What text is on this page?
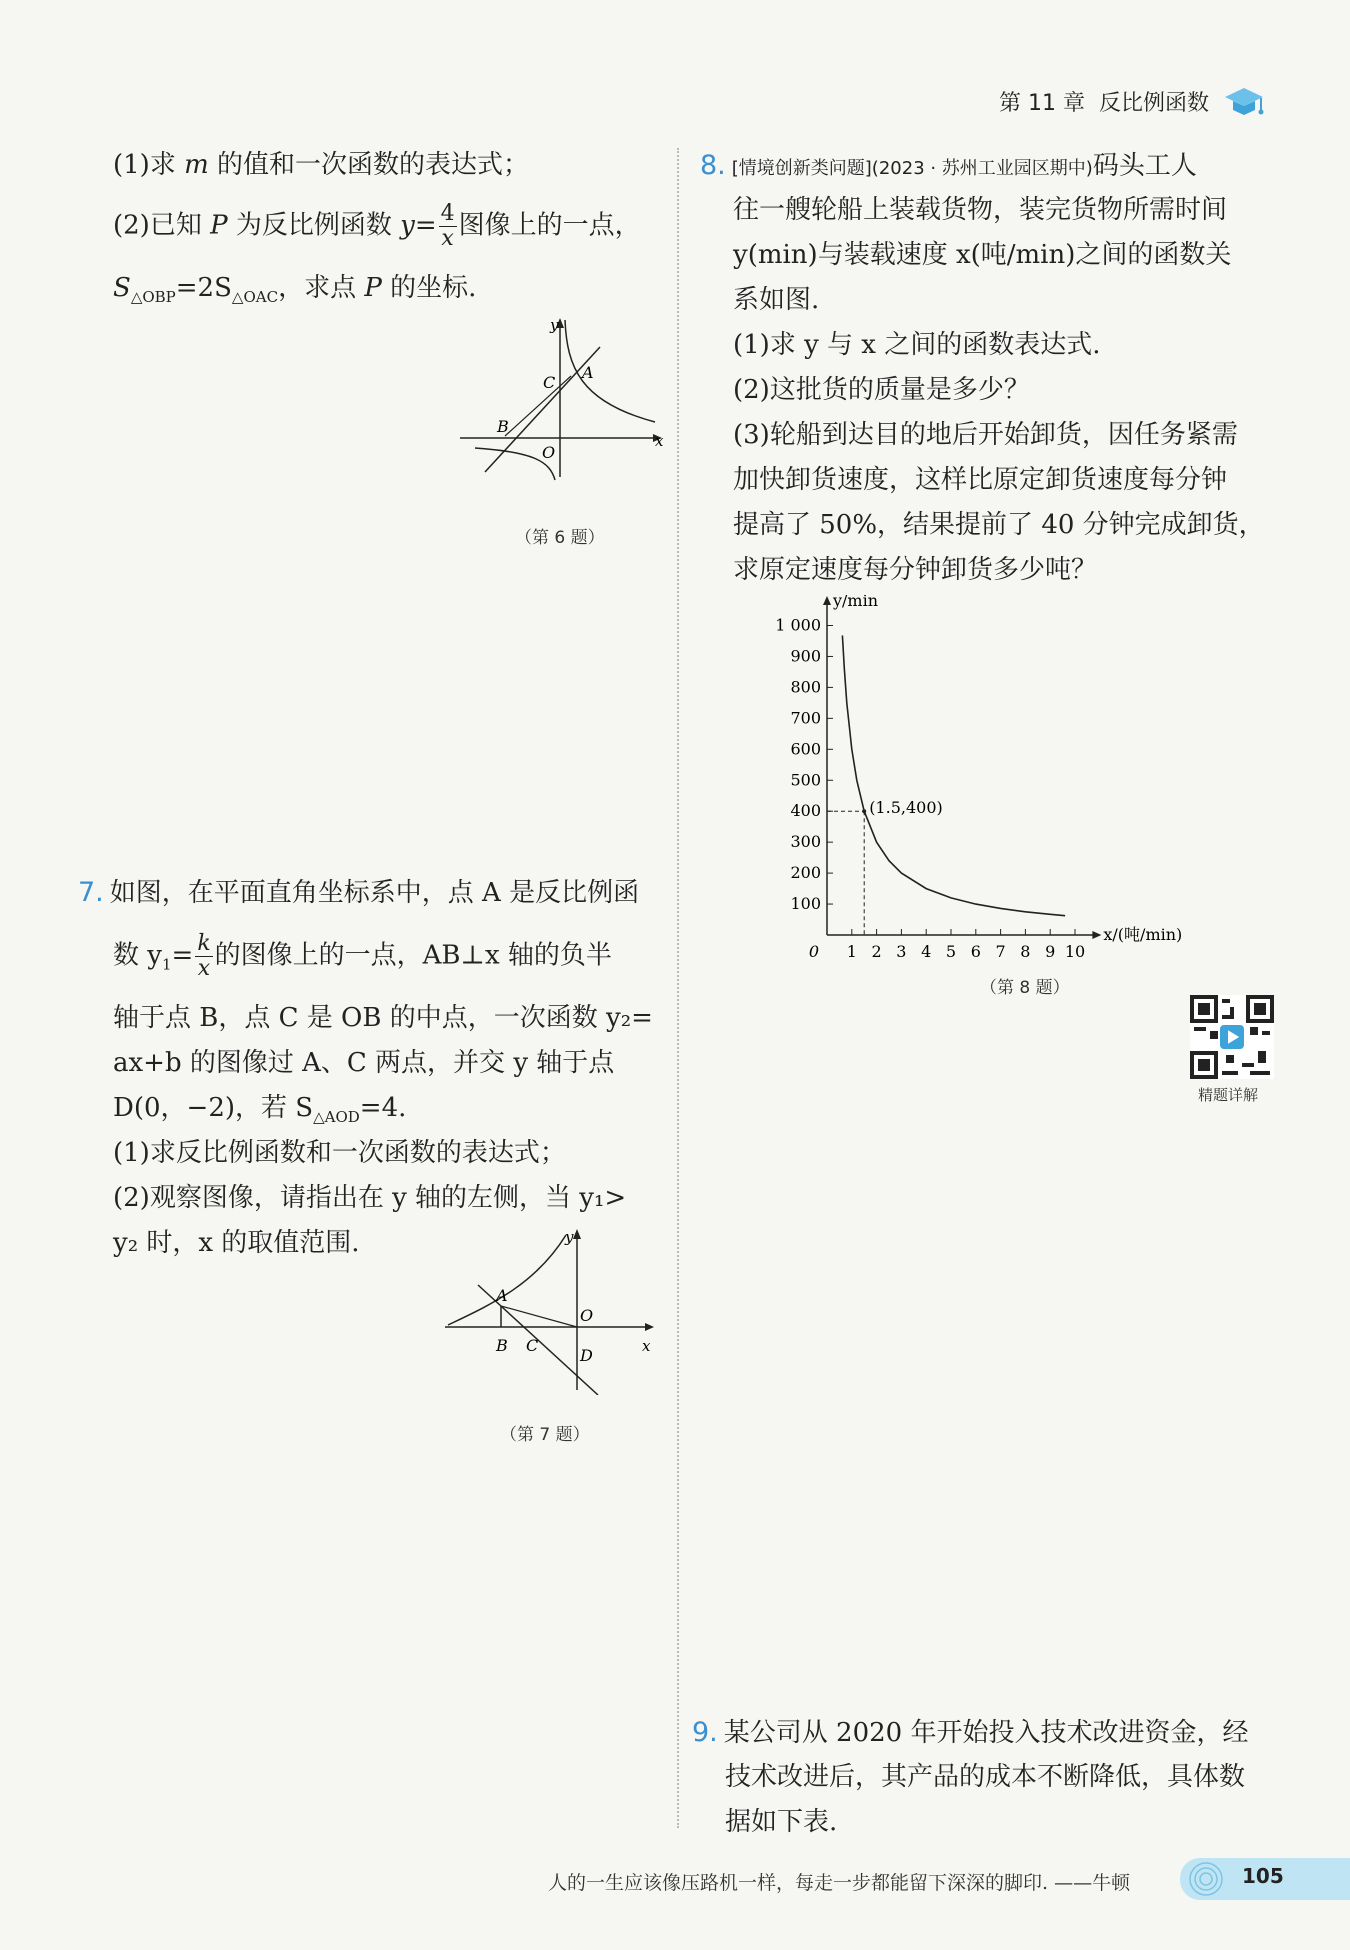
第 11 章 反比例函数
(1)求 m 的值和一次函数的表达式；
(2)已知 P 为反比例函数 $y= \frac{4}{x}$ 图像上的一点，
$S_{\triangle OBP}=2S_{\triangle OAC}$，求点 P 的坐标.
y
x
A
B
C
O
（第 6 题）
7. 如图，在平面直角坐标系中，点 A 是反比例函
数 $y_1= \frac{k}{x}$ 的图像上的一点，AB⊥x 轴的负半
轴于点 B，点 C 是 OB 的中点，一次函数 y₂=
ax+b 的图像过 A、C 两点，并交 y 轴于点
D(0，−2)，若 $S_{\triangle AOD}=4$.
(1)求反比例函数和一次函数的表达式；
(2)观察图像，请指出在 y 轴的左侧，当 y₁>
y₂ 时，x 的取值范围.	y
x
A
B C
O
D
（第 7 题）
8. [情境创新类问题](2023 · 苏州工业园区期中)码头工人
往一艘轮船上装载货物，装完货物所需时间
y(min)与装载速度 x(吨/min)之间的函数关
系如图.
(1)求 y 与 x 之间的函数表达式.
(2)这批货的质量是多少？
(3)轮船到达目的地后开始卸货，因任务紧需
加快卸货速度，这样比原定卸货速度每分钟
提高了 50%，结果提前了 40 分钟完成卸货，
求原定速度每分钟卸货多少吨？
1 2 3 4 5 6 7 8 9 10
100
200
300
400
500
600
700
800
900
1 000
0
y/min
x/(吨/min)
(1.5,400)
（第 8 题）
精题详解
9. 某公司从 2020 年开始投入技术改进资金，经
技术改进后，其产品的成本不断降低，具体数
据如下表.
人的一生应该像压路机一样，每走一步都能留下深深的脚印. ——牛顿	105
